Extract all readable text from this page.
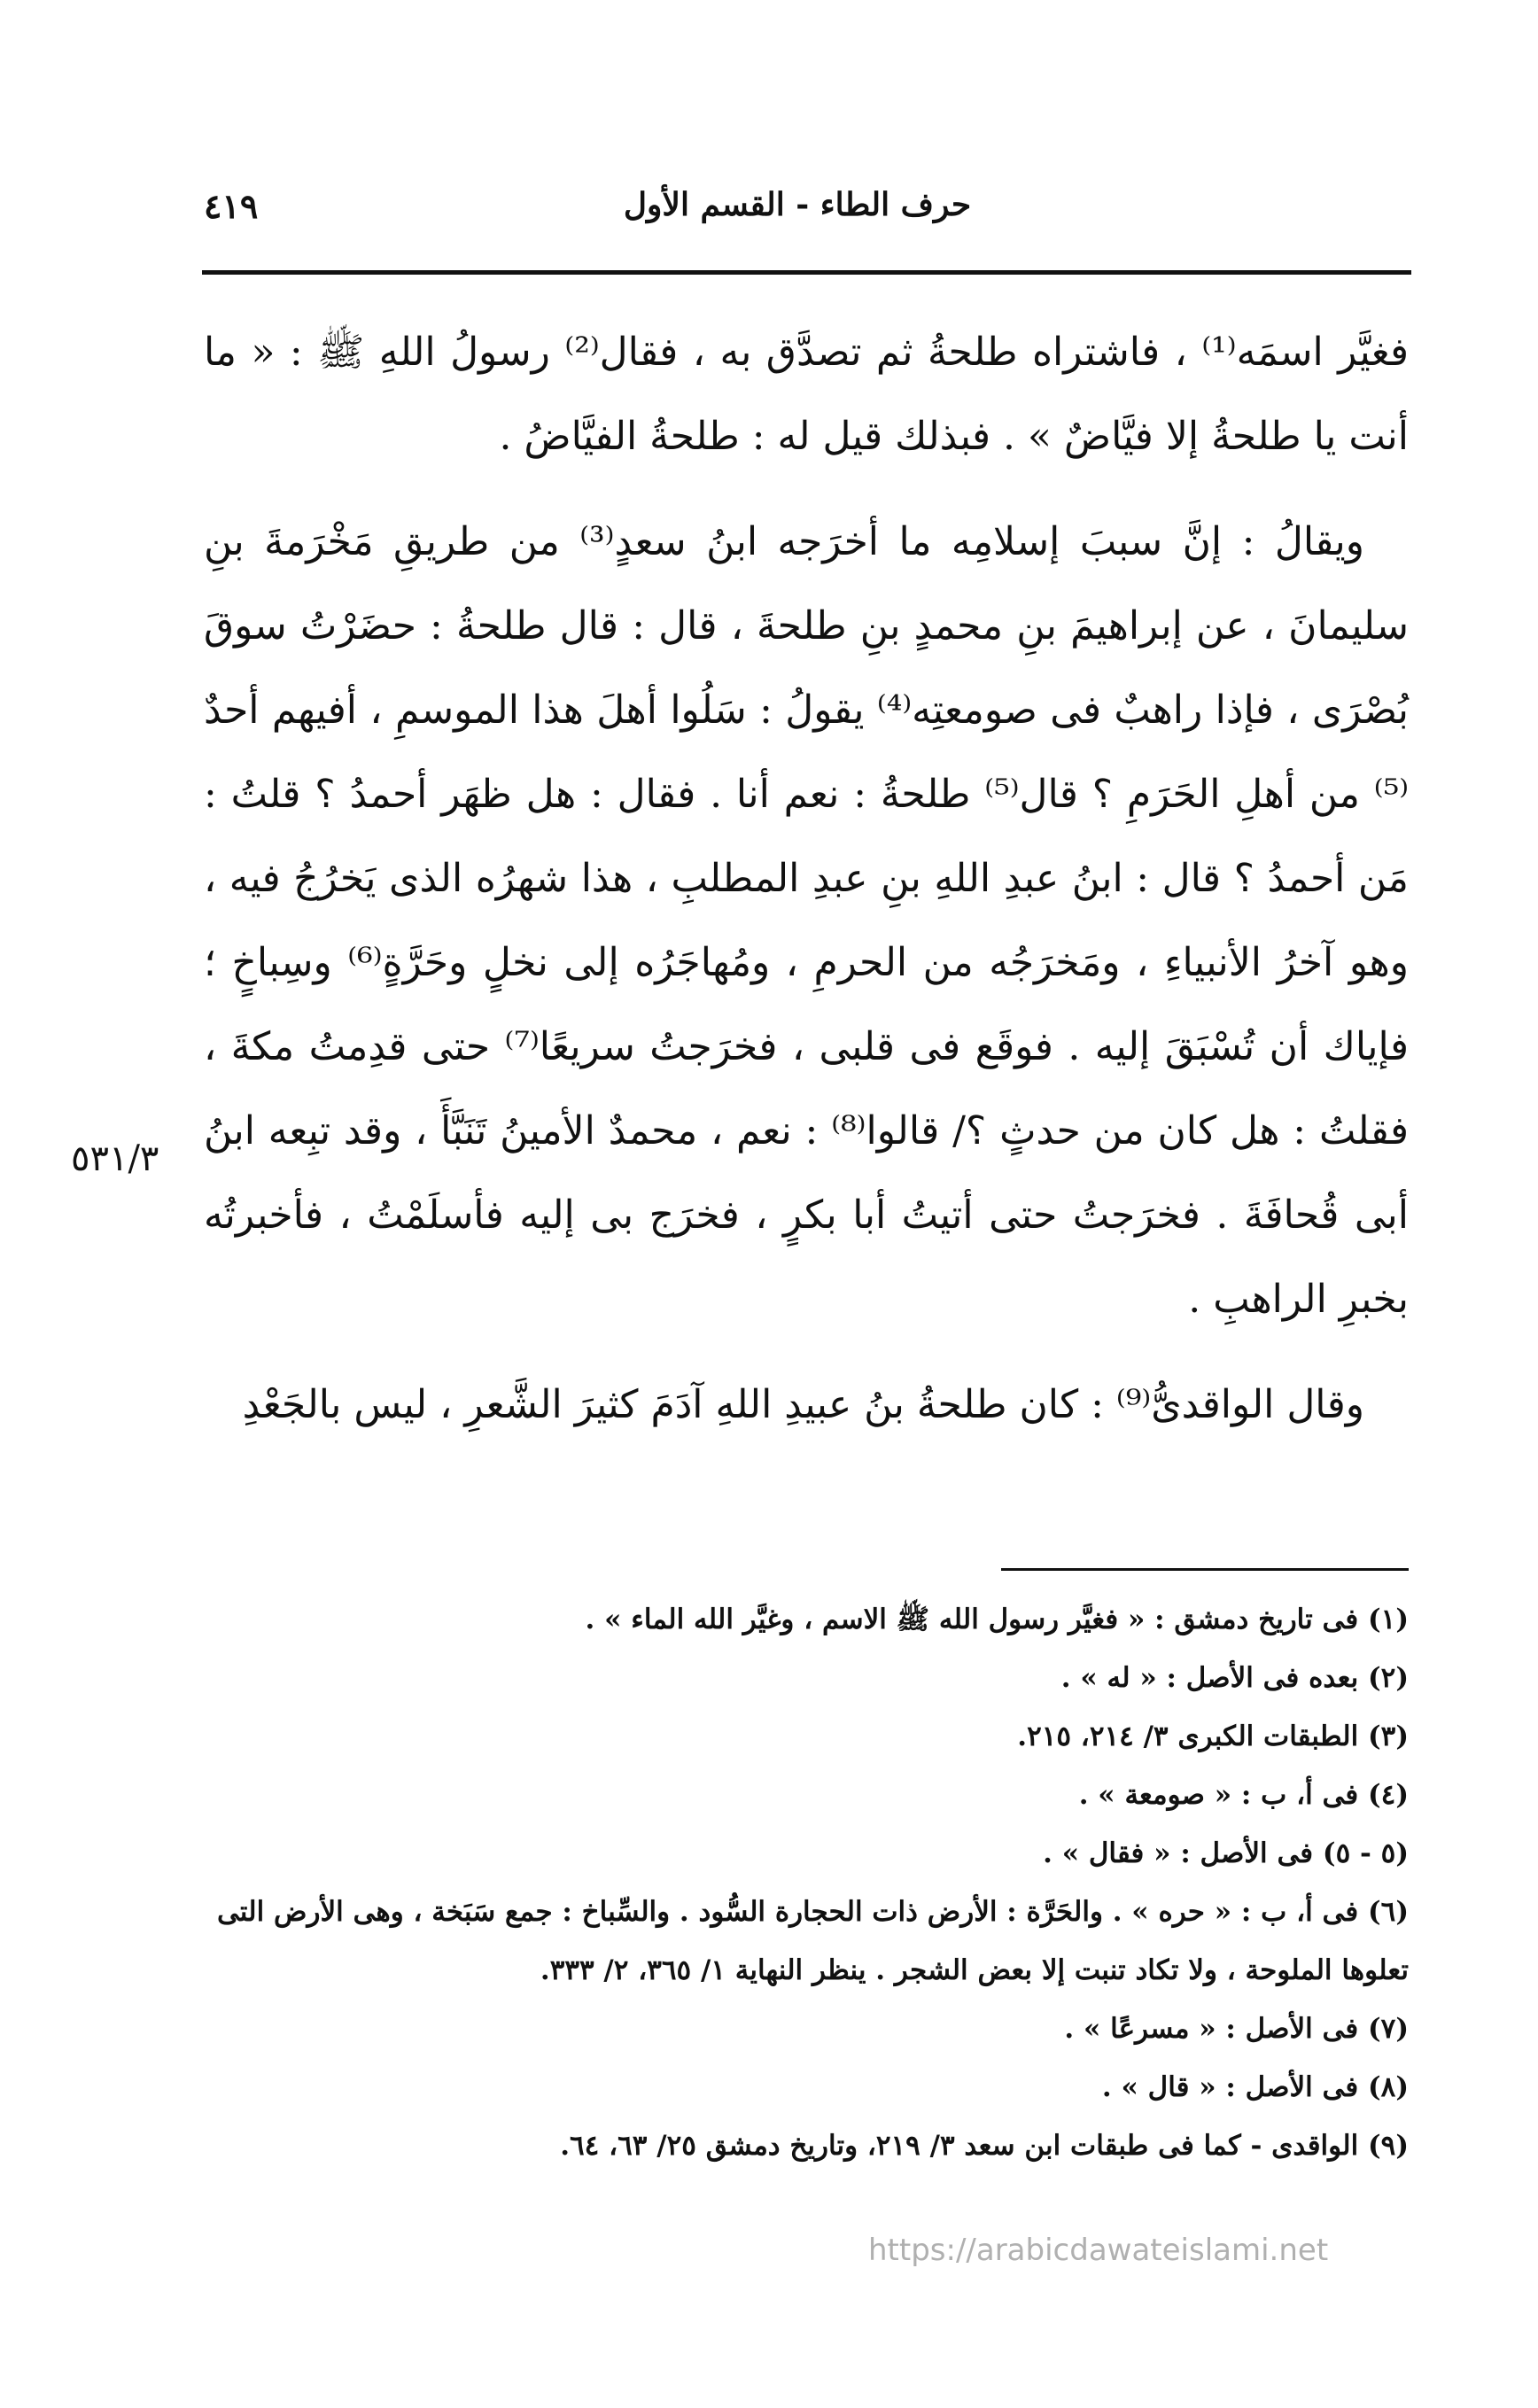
حرف الطاء - القسم الأول
٤١٩

فغيَّر اسمَه⁽¹⁾ ، فاشتراه طلحةُ ثم تصدَّق به ، فقال⁽²⁾ رسولُ اللهِ ﷺ : « ما أنت يا طلحةُ إلا فيَّاضٌ » . فبذلك قيل له : طلحةُ الفيَّاضُ .

ويقالُ : إنَّ سببَ إسلامِه ما أخرَجه ابنُ سعدٍ⁽³⁾ من طريقِ مَخْرَمةَ بنِ سليمانَ ، عن إبراهيمَ بنِ محمدٍ بنِ طلحةَ ، قال : قال طلحةُ : حضَرْتُ سوقَ بُصْرَى ، فإذا راهبٌ فى صومعتِه⁽⁴⁾ يقولُ : سَلُوا أهلَ هذا الموسمِ ، أفيهم أحدٌ ⁽⁵⁾ من أهلِ الحَرَمِ ؟ قال⁽⁵⁾ طلحةُ : نعم أنا . فقال : هل ظهَر أحمدُ ؟ قلتُ : مَن أحمدُ ؟ قال : ابنُ عبدِ اللهِ بنِ عبدِ المطلبِ ، هذا شهرُه الذى يَخرُجُ فيه ، وهو آخرُ الأنبياءِ ، ومَخرَجُه من الحرمِ ، ومُهاجَرُه إلى نخلٍ وحَرَّةٍ⁽⁶⁾ وسِباخٍ ؛ فإياك أن تُسْبَقَ إليه . فوقَع فى قلبى ، فخرَجتُ سريعًا⁽⁷⁾ حتى قدِمتُ مكةَ ، فقلتُ : هل كان من حدثٍ ؟/ قالوا⁽⁸⁾ : نعم ، محمدٌ الأمينُ تَنَبَّأَ ، وقد تبِعه ابنُ أبى قُحافَةَ . فخرَجتُ حتى أتيتُ أبا بكرٍ ، فخرَج بى إليه فأسلَمْتُ ، فأخبرتُه بخبرِ الراهبِ .

وقال الواقدىُّ⁽⁹⁾ : كان طلحةُ بنُ عبيدِ اللهِ آدَمَ كثيرَ الشَّعرِ ، ليس بالجَعْدِ

٥٣١/٣

(١) فى تاريخ دمشق : « فغيَّر رسول الله ﷺ الاسم ، وغيَّر الله الماء » .

(٢) بعده فى الأصل : « له » .

(٣) الطبقات الكبرى ٣/ ٢١٤، ٢١٥.

(٤) فى أ، ب : « صومعة » .

(٥ - ٥) فى الأصل : « فقال » .

(٦) فى أ، ب : « حره » . والحَرَّة : الأرض ذات الحجارة السُّود . والسِّباخ : جمع سَبَخة ، وهى الأرض التى تعلوها الملوحة ، ولا تكاد تنبت إلا بعض الشجر . ينظر النهاية ١/ ٣٦٥، ٢/ ٣٣٣.

(٧) فى الأصل : « مسرعًا » .

(٨) فى الأصل : « قال » .

(٩) الواقدى - كما فى طبقات ابن سعد ٣/ ٢١٩، وتاريخ دمشق ٢٥/ ٦٣، ٦٤.

https://arabicdawateislami.net
